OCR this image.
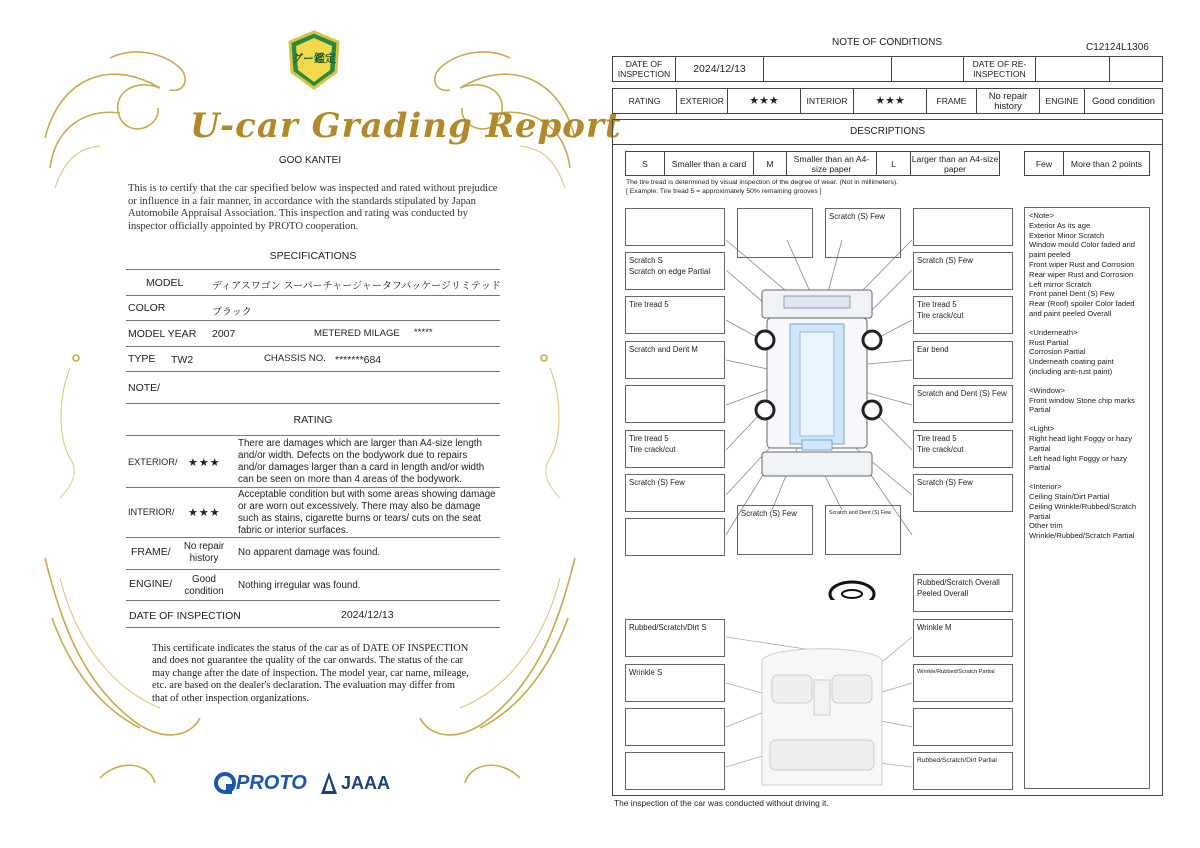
グー鑑定
U-car Grading Report
GOO KANTEI
This is to certify that the car specified below was inspected and rated without prejudice or influence in a fair manner, in accordance with the standards stipulated by Japan Automobile Appraisal Association. This inspection and rating was conducted by inspector officially appointed by PROTO cooperation.
SPECIFICATIONS
MODEL	ディアスワゴン スーパーチャージャータフパッケージリミテッド
COLOR	ブラック
MODEL YEAR 2007	METERED MILAGE *****
TYPE TW2	CHASSIS NO. *******684
NOTE/
RATING
EXTERIOR/ ★★★
There are damages which are larger than A4-size length and/or width. Defects on the bodywork due to repairs and/or damages larger than a card in length and/or width can be seen on more than 4 areas of the bodywork.
INTERIOR/ ★★★
Acceptable condition but with some areas showing damage or are worn out excessively. There may also be damage such as stains, cigarette burns or tears/ cuts on the seat fabric or interior surfaces.
FRAME/	No repair history
No apparent damage was found.
ENGINE/	Good condition
Nothing irregular was found.
DATE OF INSPECTION	2024/12/13
This certificate indicates the status of the car as of DATE OF INSPECTION and does not guarantee the quality of the car onwards. The status of the car may change after the date of inspection. The model year, car name, mileage, etc. are based on the dealer's declaration. The evaluation may differ from that of other inspection organizations.
PROTO JAAA
NOTE OF CONDITIONS	C12124L1306
DATE OF INSPECTION	2024/12/13	DATE OF RE-INSPECTION
RATING	EXTERIOR	★★★	INTERIOR	★★★	FRAME	No repair history	ENGINE	Good condition
DESCRIPTIONS
S	Smaller than a card	M	Smaller than an A4-size paper	L	Larger than an A4-size paper	Few	More than 2 points
The tire tread is determined by visual inspection of the degree of wear. (Not in millimeters).
[ Example: Tire tread 5 = approximately 50% remaining grooves ]
Scratch S
Scratch on edge Partial
Tire tread 5
Scratch and Dent M
Tire tread 5
Tire crack/cut
Scratch (S) Few
Scratch (S) Few
Scratch (S) Few
Tire tread 5
Tire crack/cut
Ear bend
Scratch and Dent (S) Few
Tire tread 5
Tire crack/cut
Scratch (S) Few
Scratch (S) Few	Scratch and Dent (S) Few
Rubbed/Scratch Overall
Peeled Overall
Rubbed/Scratch/Dirt S
Wrinkle S
Wrinkle M
Wrinkle/Rubbed/Scratch Partial
Rubbed/Scratch/Dirt Partial

<Note>

Exterior As its age

Exterior Minor Scratch

Window mould Color faded and paint peeled

Front wiper Rust and Corrosion

Rear wiper Rust and Corrosion

Left mirror Scratch

Front panel Dent (S) Few

Rear (Roof) spoiler Color faded and paint peeled Overall

<Underneath>

Rust Partial

Corrosion Partial

Underneath coating paint (including anti-rust paint)

<Window>

Front window Stone chip marks Partial

<Light>

Right head light Foggy or hazy Partial

Left head light Foggy or hazy Partial

<Interior>

Ceiling Stain/Dirt Partial

Ceiling Wrinkle/Rubbed/Scratch Partial

Other trim Wrinkle/Rubbed/Scratch Partial

The inspection of the car was conducted without driving it.
